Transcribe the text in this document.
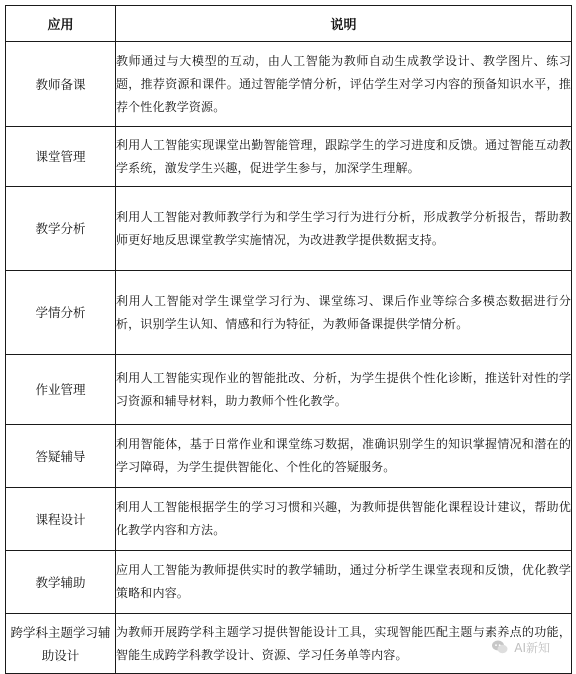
应用	说明
教师备课	教师通过与大模型的互动，由人工智能为教师自动生成教学设计、教学图片、练习题，推荐资源和课件。通过智能学情分析，评估学生对学习内容的预备知识水平，推荐个性化教学资源。
课堂管理	利用人工智能实现课堂出勤智能管理，跟踪学生的学习进度和反馈。通过智能互动教学系统，激发学生兴趣，促进学生参与，加深学生理解。
教学分析	利用人工智能对教师教学行为和学生学习行为进行分析，形成教学分析报告，帮助教师更好地反思课堂教学实施情况，为改进教学提供数据支持。
学情分析	利用人工智能对学生课堂学习行为、课堂练习、课后作业等综合多模态数据进行分析，识别学生认知、情感和行为特征，为教师备课提供学情分析。
作业管理	利用人工智能实现作业的智能批改、分析，为学生提供个性化诊断，推送针对性的学习资源和辅导材料，助力教师个性化教学。
答疑辅导	利用智能体，基于日常作业和课堂练习数据，准确识别学生的知识掌握情况和潜在的学习障碍，为学生提供智能化、个性化的答疑服务。
课程设计	利用人工智能根据学生的学习习惯和兴趣，为教师提供智能化课程设计建议，帮助优化教学内容和方法。
教学辅助	应用人工智能为教师提供实时的教学辅助，通过分析学生课堂表现和反馈，优化教学策略和内容。
跨学科主题学习辅助设计	为教师开展跨学科主题学习提供智能设计工具，实现智能匹配主题与素养点的功能，智能生成跨学科教学设计、资源、学习任务单等内容。	AI新知
